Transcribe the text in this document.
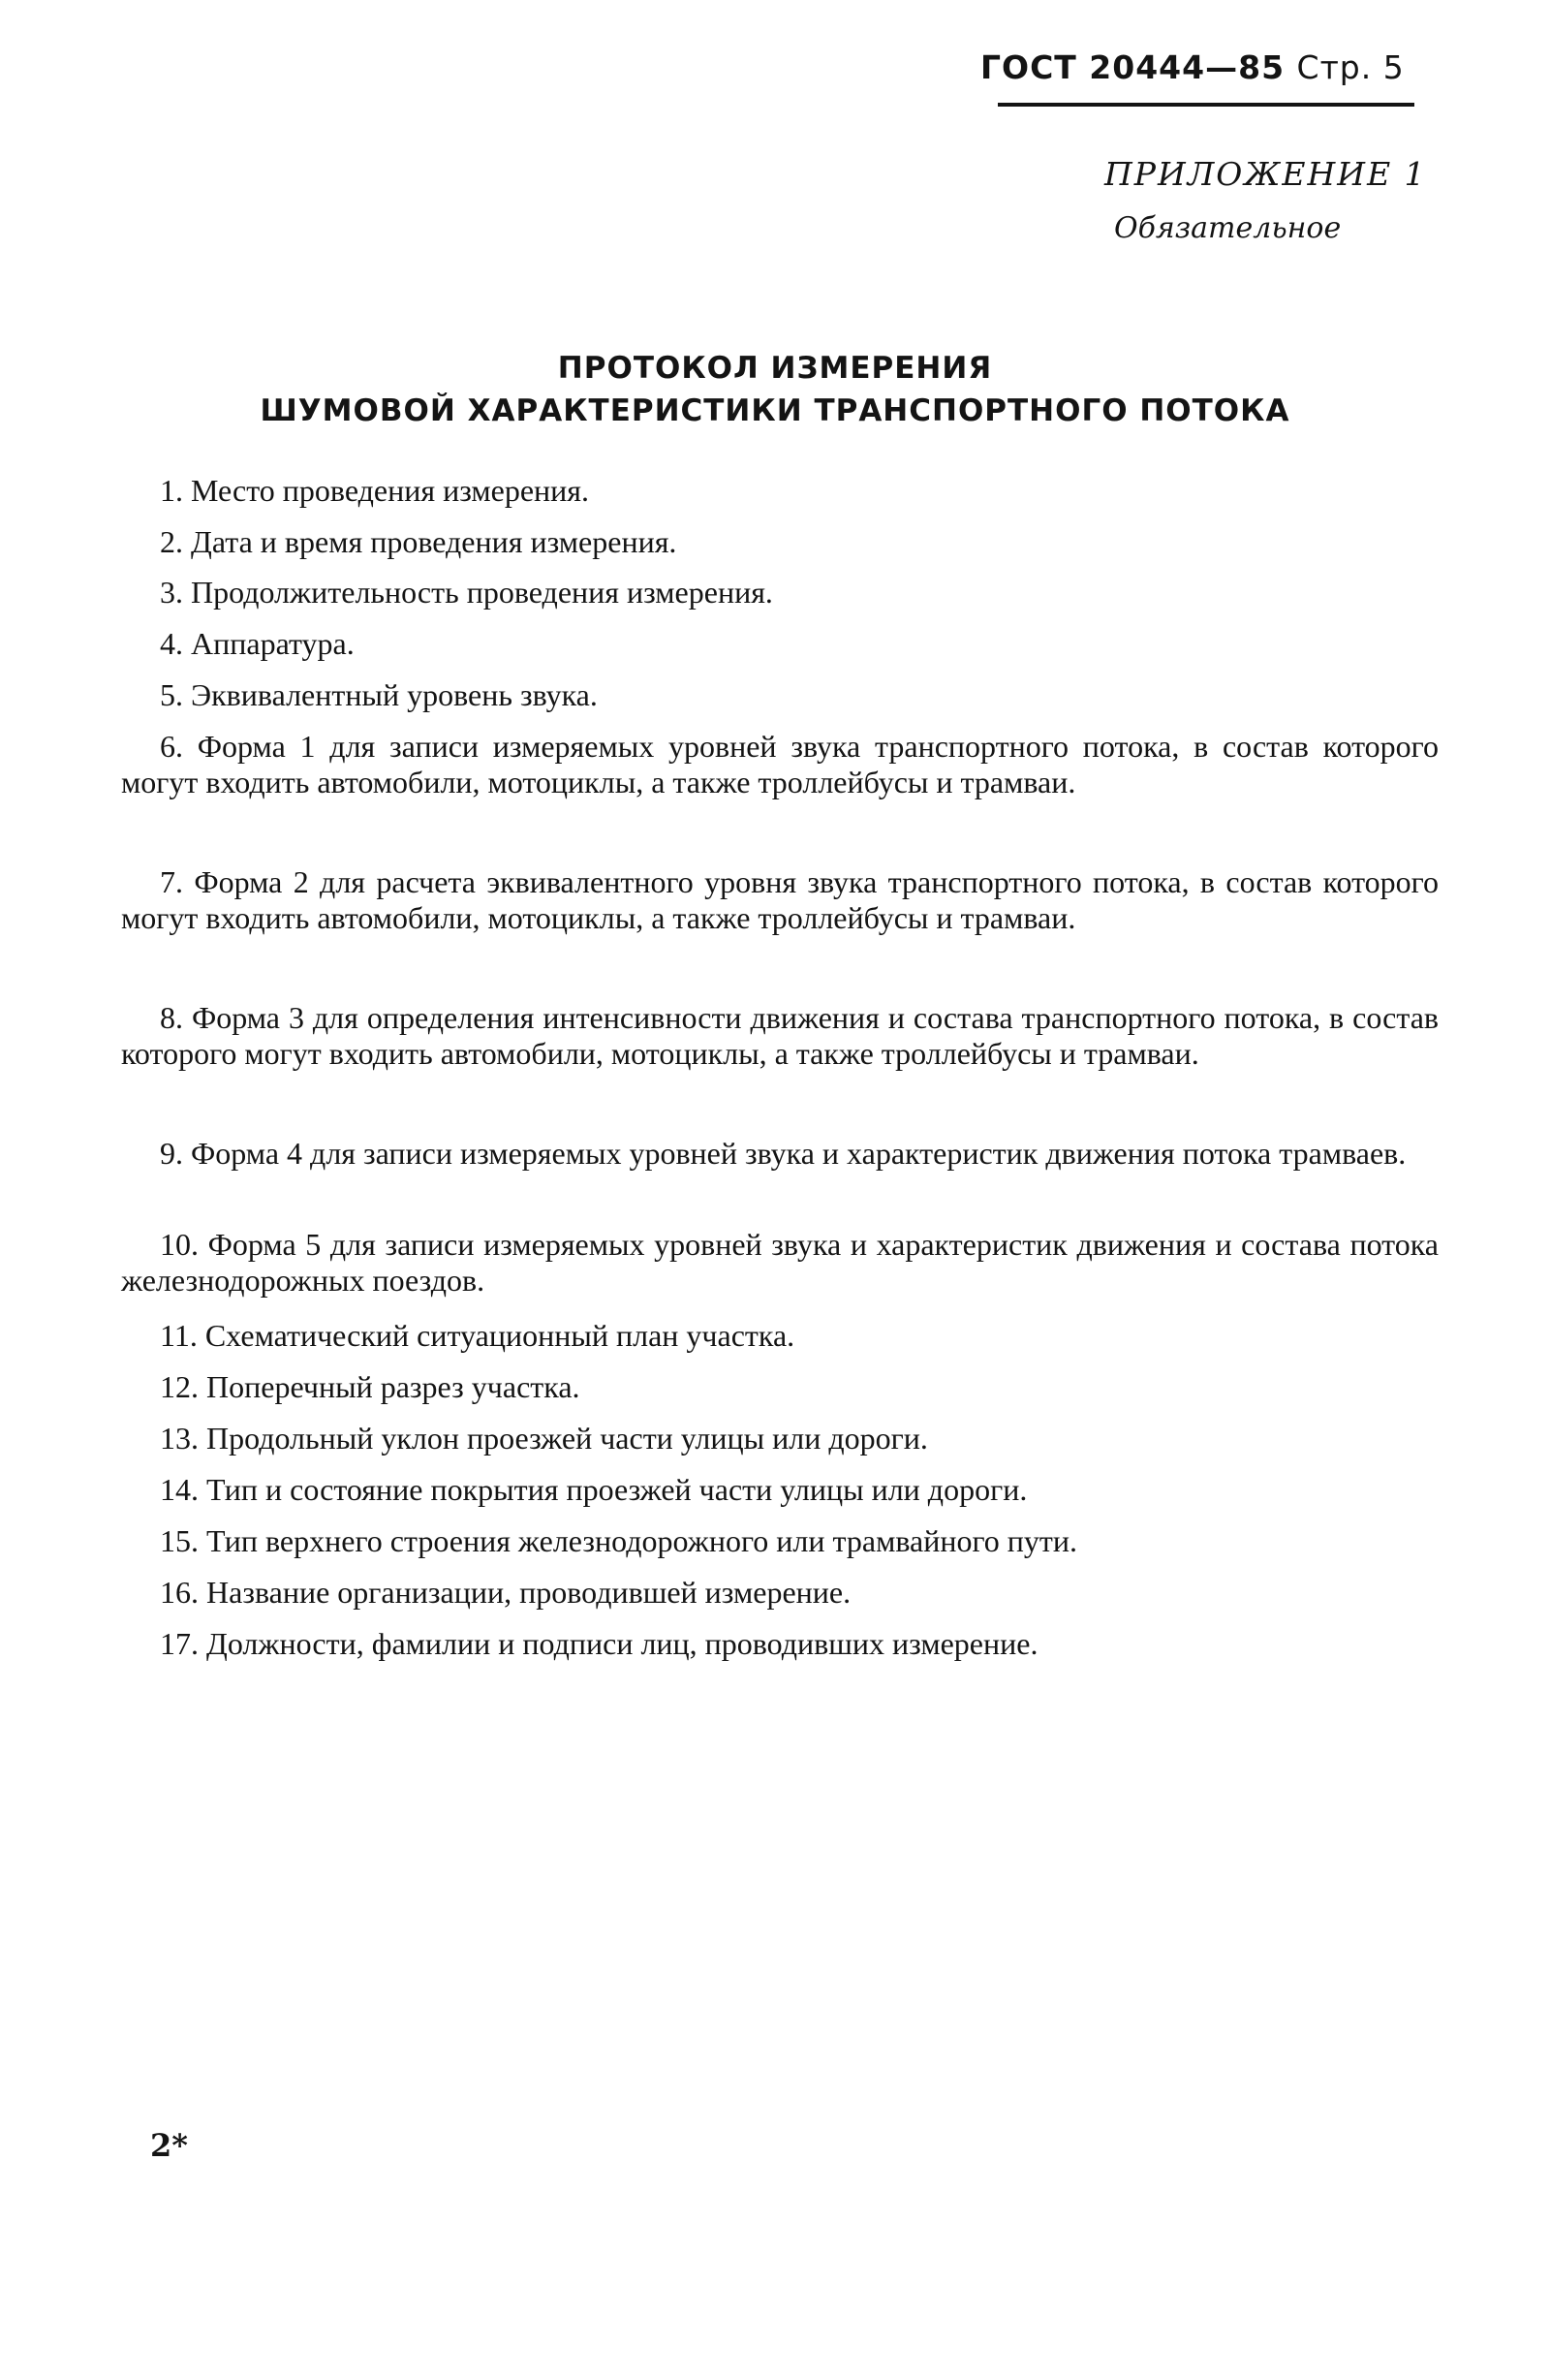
ГОСТ 20444—85 Стр. 5
ПРИЛОЖЕНИЕ 1
Обязательное
ПРОТОКОЛ ИЗМЕРЕНИЯ
ШУМОВОЙ ХАРАКТЕРИСТИКИ ТРАНСПОРТНОГО ПОТОКА
1. Место проведения измерения.
2. Дата и время проведения измерения.
3. Продолжительность проведения измерения.
4. Аппаратура.
5. Эквивалентный уровень звука.
6. Форма 1 для записи измеряемых уровней звука транспортного потока, в состав которого могут входить автомобили, мотоциклы, а также троллейбусы и трамваи.
7. Форма 2 для расчета эквивалентного уровня звука транспортного потока, в состав которого могут входить автомобили, мотоциклы, а также троллейбусы и трамваи.
8. Форма 3 для определения интенсивности движения и состава транспортного потока, в состав которого могут входить автомобили, мотоциклы, а также троллейбусы и трамваи.
9. Форма 4 для записи измеряемых уровней звука и характеристик движения потока трамваев.
10. Форма 5 для записи измеряемых уровней звука и характеристик движения и состава потока железнодорожных поездов.
11. Схематический ситуационный план участка.
12. Поперечный разрез участка.
13. Продольный уклон проезжей части улицы или дороги.
14. Тип и состояние покрытия проезжей части улицы или дороги.
15. Тип верхнего строения железнодорожного или трамвайного пути.
16. Название организации, проводившей измерение.
17. Должности, фамилии и подписи лиц, проводивших измерение.
2*
